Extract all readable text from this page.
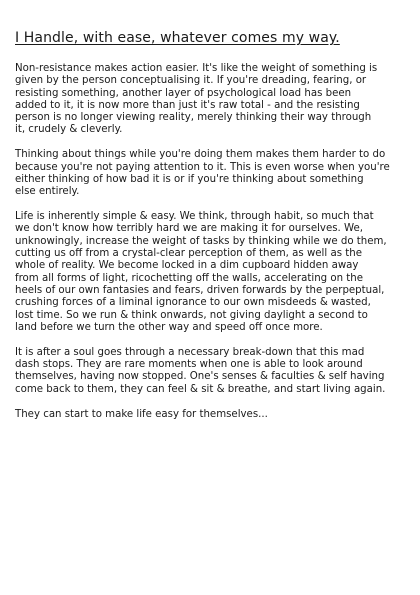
I Handle, with ease, whatever comes my way.

Non-resistance makes action easier. It's like the weight of something is
given by the person conceptualising it. If you're dreading, fearing, or
resisting something, another layer of psychological load has been
added to it, it is now more than just it's raw total - and the resisting
person is no longer viewing reality, merely thinking their way through
it, crudely & cleverly.

Thinking about things while you're doing them makes them harder to do
because you're not paying attention to it. This is even worse when you're
either thinking of how bad it is or if you're thinking about something
else entirely.

Life is inherently simple & easy. We think, through habit, so much that
we don't know how terribly hard we are making it for ourselves. We,
unknowingly, increase the weight of tasks by thinking while we do them,
cutting us off from a crystal-clear perception of them, as well as the
whole of reality. We become locked in a dim cupboard hidden away
from all forms of light, ricochetting off the walls, accelerating on the
heels of our own fantasies and fears, driven forwards by the perpeptual,
crushing forces of a liminal ignorance to our own misdeeds & wasted,
lost time. So we run & think onwards, not giving daylight a second to
land before we turn the other way and speed off once more.

It is after a soul goes through a necessary break-down that this mad
dash stops. They are rare moments when one is able to look around
themselves, having now stopped. One's senses & faculties & self having
come back to them, they can feel & sit & breathe, and start living again.

They can start to make life easy for themselves...
